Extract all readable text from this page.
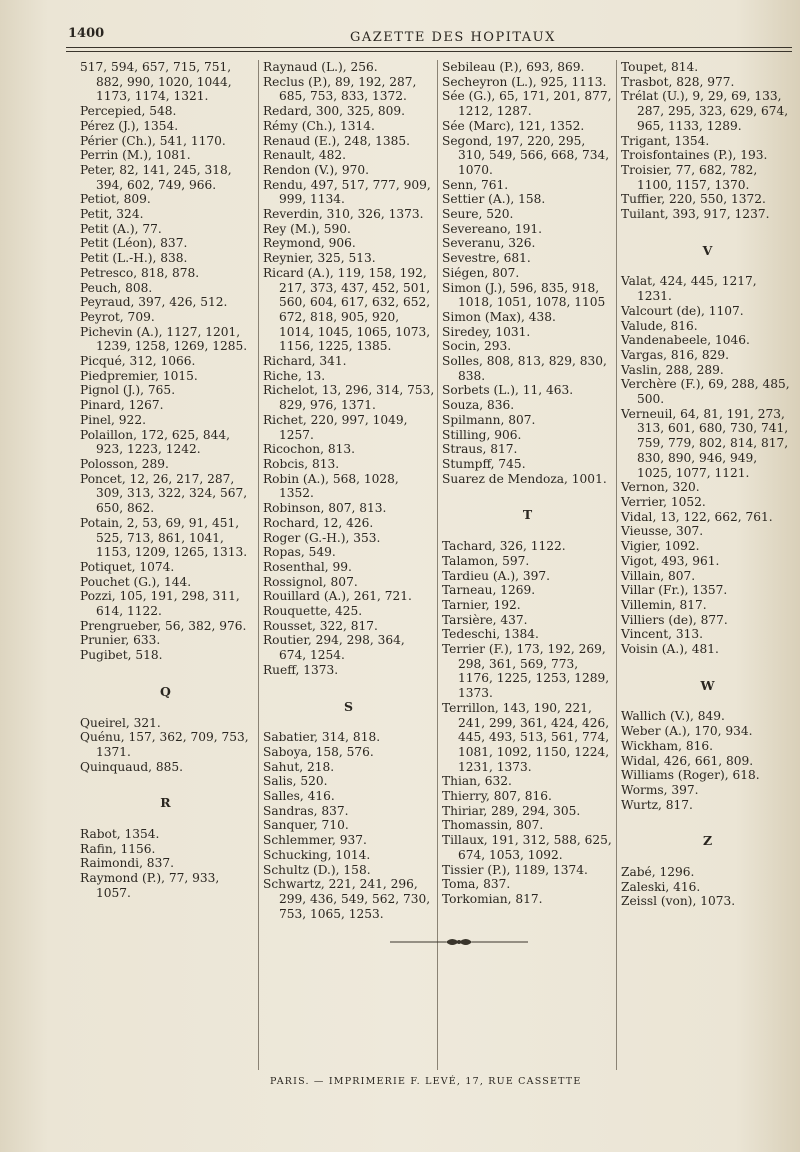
1400	GAZETTE DES HOPITAUX
517, 594, 657, 715, 751, 882, 990, 1020, 1044, 1173, 1174, 1321.
Percepied, 548.
Pérez (J.), 1354.
Périer (Ch.), 541, 1170.
Perrin (M.), 1081.
Peter, 82, 141, 245, 318, 394, 602, 749, 966.
Petiot, 809.
Petit, 324.
Petit (A.), 77.
Petit (Léon), 837.
Petit (L.-H.), 838.
Petresco, 818, 878.
Peuch, 808.
Peyraud, 397, 426, 512.
Peyrot, 709.
Pichevin (A.), 1127, 1201, 1239, 1258, 1269, 1285.
Picqué, 312, 1066.
Piedpremier, 1015.
Pignol (J.), 765.
Pinard, 1267.
Pinel, 922.
Polaillon, 172, 625, 844, 923, 1223, 1242.
Polosson, 289.
Poncet, 12, 26, 217, 287, 309, 313, 322, 324, 567, 650, 862.
Potain, 2, 53, 69, 91, 451, 525, 713, 861, 1041, 1153, 1209, 1265, 1313.
Potiquet, 1074.
Pouchet (G.), 144.
Pozzi, 105, 191, 298, 311, 614, 1122.
Prengrueber, 56, 382, 976.
Prunier, 633.
Pugibet, 518.
Q
Queirel, 321.
Quénu, 157, 362, 709, 753, 1371.
Quinquaud, 885.
R
Rabot, 1354.
Rafin, 1156.
Raimondi, 837.
Raymond (P.), 77, 933, 1057.
Raynaud (L.), 256.
Reclus (P.), 89, 192, 287, 685, 753, 833, 1372.
Redard, 300, 325, 809.
Rémy (Ch.), 1314.
Renaud (E.), 248, 1385.
Renault, 482.
Rendon (V.), 970.
Rendu, 497, 517, 777, 909, 999, 1134.
Reverdin, 310, 326, 1373.
Rey (M.), 590.
Reymond, 906.
Reynier, 325, 513.
Ricard (A.), 119, 158, 192, 217, 373, 437, 452, 501, 560, 604, 617, 632, 652, 672, 818, 905, 920, 1014, 1045, 1065, 1073, 1156, 1225, 1385.
Richard, 341.
Riche, 13.
Richelot, 13, 296, 314, 753, 829, 976, 1371.
Richet, 220, 997, 1049, 1257.
Ricochon, 813.
Robcis, 813.
Robin (A.), 568, 1028, 1352.
Robinson, 807, 813.
Rochard, 12, 426.
Roger (G.-H.), 353.
Ropas, 549.
Rosenthal, 99.
Rossignol, 807.
Rouillard (A.), 261, 721.
Rouquette, 425.
Rousset, 322, 817.
Routier, 294, 298, 364, 674, 1254.
Rueff, 1373.
S
Sabatier, 314, 818.
Saboya, 158, 576.
Sahut, 218.
Salis, 520.
Salles, 416.
Sandras, 837.
Sanquer, 710.
Schlemmer, 937.
Schucking, 1014.
Schultz (D.), 158.
Schwartz, 221, 241, 296, 299, 436, 549, 562, 730, 753, 1065, 1253.
Sebileau (P.), 693, 869.
Secheyron (L.), 925, 1113.
Sée (G.), 65, 171, 201, 877, 1212, 1287.
Sée (Marc), 121, 1352.
Segond, 197, 220, 295, 310, 549, 566, 668, 734, 1070.
Senn, 761.
Settier (A.), 158.
Seure, 520.
Severeano, 191.
Severanu, 326.
Sevestre, 681.
Siégen, 807.
Simon (J.), 596, 835, 918, 1018, 1051, 1078, 1105
Simon (Max), 438.
Siredey, 1031.
Socin, 293.
Solles, 808, 813, 829, 830, 838.
Sorbets (L.), 11, 463.
Souza, 836.
Spilmann, 807.
Stilling, 906.
Straus, 817.
Stumpff, 745.
Suarez de Mendoza, 1001.
T
Tachard, 326, 1122.
Talamon, 597.
Tardieu (A.), 397.
Tarneau, 1269.
Tarnier, 192.
Tarsière, 437.
Tedeschi, 1384.
Terrier (F.), 173, 192, 269, 298, 361, 569, 773, 1176, 1225, 1253, 1289, 1373.
Terrillon, 143, 190, 221, 241, 299, 361, 424, 426, 445, 493, 513, 561, 774, 1081, 1092, 1150, 1224, 1231, 1373.
Thian, 632.
Thierry, 807, 816.
Thiriar, 289, 294, 305.
Thomassin, 807.
Tillaux, 191, 312, 588, 625, 674, 1053, 1092.
Tissier (P.), 1189, 1374.
Toma, 837.
Torkomian, 817.
Toupet, 814.
Trasbot, 828, 977.
Trélat (U.), 9, 29, 69, 133, 287, 295, 323, 629, 674, 965, 1133, 1289.
Trigant, 1354.
Troisfontaines (P.), 193.
Troisier, 77, 682, 782, 1100, 1157, 1370.
Tuffier, 220, 550, 1372.
Tuilant, 393, 917, 1237.
V
Valat, 424, 445, 1217, 1231.
Valcourt (de), 1107.
Valude, 816.
Vandenabeele, 1046.
Vargas, 816, 829.
Vaslin, 288, 289.
Verchère (F.), 69, 288, 485, 500.
Verneuil, 64, 81, 191, 273, 313, 601, 680, 730, 741, 759, 779, 802, 814, 817, 830, 890, 946, 949, 1025, 1077, 1121.
Vernon, 320.
Verrier, 1052.
Vidal, 13, 122, 662, 761.
Vieusse, 307.
Vigier, 1092.
Vigot, 493, 961.
Villain, 807.
Villar (Fr.), 1357.
Villemin, 817.
Villiers (de), 877.
Vincent, 313.
Voisin (A.), 481.
W
Wallich (V.), 849.
Weber (A.), 170, 934.
Wickham, 816.
Widal, 426, 661, 809.
Williams (Roger), 618.
Worms, 397.
Wurtz, 817.
Z
Zabé, 1296.
Zaleski, 416.
Zeissl (von), 1073.
PARIS. — IMPRIMERIE F. LEVÉ, 17, RUE CASSETTE
